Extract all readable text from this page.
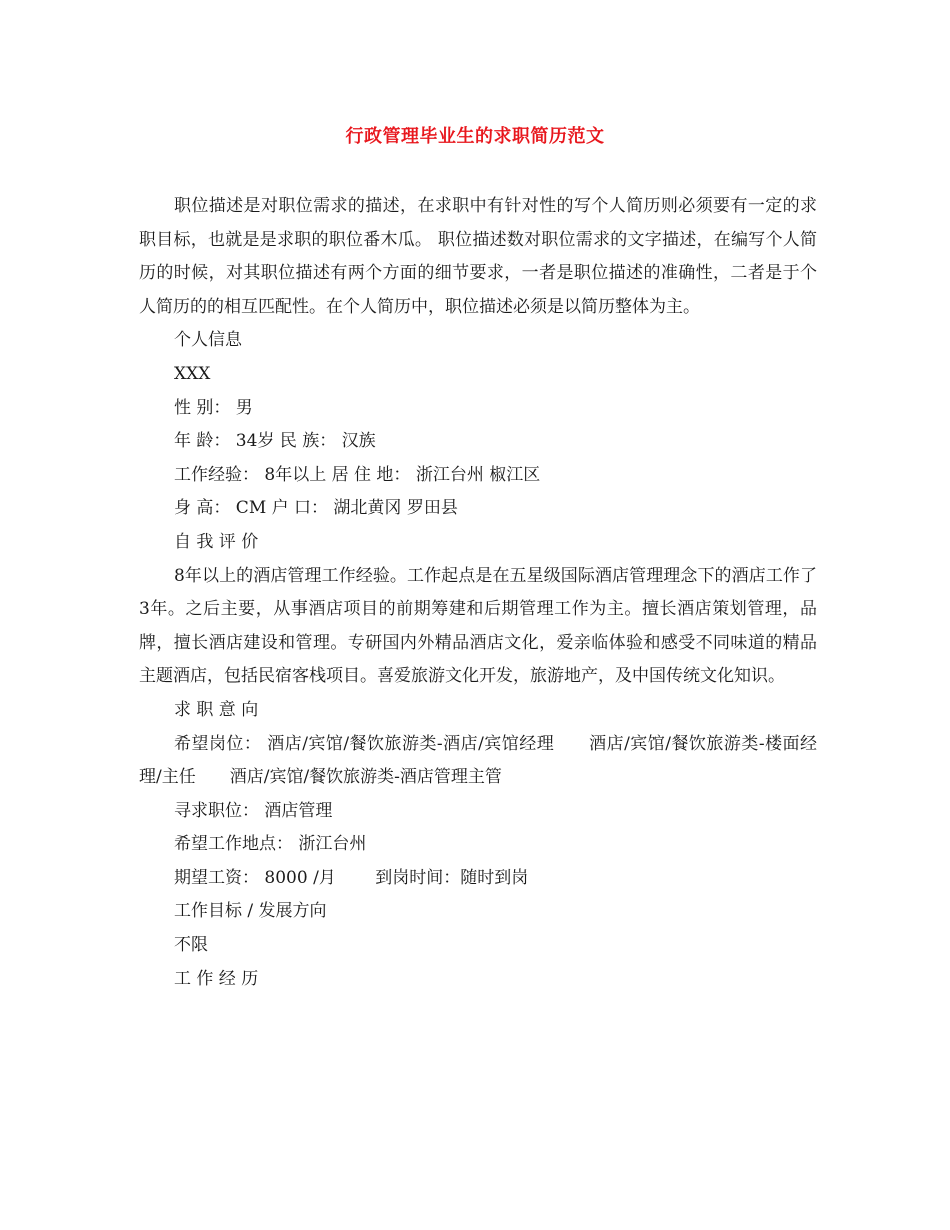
行政管理毕业生的求职简历范文

职位描述是对职位需求的描述，在求职中有针对性的写个人简历则必须要有一定的求职目标，也就是是求职的职位番木瓜。 职位描述数对职位需求的文字描述，在编写个人简历的时候，对其职位描述有两个方面的细节要求，一者是职位描述的准确性，二者是于个人简历的的相互匹配性。在个人简历中，职位描述必须是以简历整体为主。

个人信息

XXX

性 别： 男

年 龄： 34岁 民 族： 汉族

工作经验： 8年以上 居 住 地： 浙江台州 椒江区

身 高： CM 户 口： 湖北黄冈 罗田县

自 我 评 价

8年以上的酒店管理工作经验。工作起点是在五星级国际酒店管理理念下的酒店工作了3年。之后主要，从事酒店项目的前期筹建和后期管理工作为主。擅长酒店策划管理，品牌，擅长酒店建设和管理。专研国内外精品酒店文化，爱亲临体验和感受不同味道的精品主题酒店，包括民宿客栈项目。喜爱旅游文化开发，旅游地产，及中国传统文化知识。

求 职 意 向

希望岗位： 酒店/宾馆/餐饮旅游类-酒店/宾馆经理　　酒店/宾馆/餐饮旅游类-楼面经理/主任　　酒店/宾馆/餐饮旅游类-酒店管理主管

寻求职位： 酒店管理

希望工作地点： 浙江台州

期望工资： 8000 /月　　 到岗时间：随时到岗

工作目标 / 发展方向

不限

工 作 经 历
